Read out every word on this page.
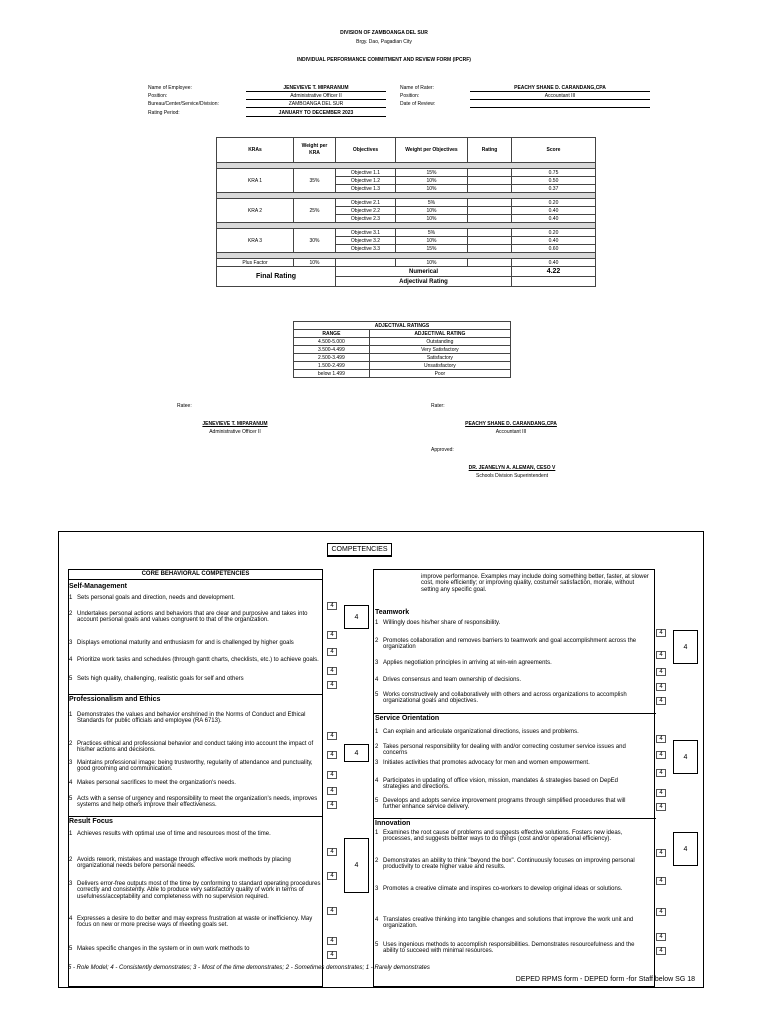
DIVISION OF ZAMBOANGA DEL SUR
Brgy. Dao, Pagadian City
INDIVIDUAL PERFORMANCE COMMITMENT AND REVIEW FORM (IPCRF)
Name of Employee:	JENEVIEVE T. MIPARANUM
Position:	Administrative Officer II
Bureau/Center/Service/Division:	ZAMBOANGA DEL SUR
Rating Period:	JANUARY TO DECEMBER 2023
Name of Rater:	PEACHY SHANE D. CARANDANG,CPA
Position:	Accountant III
Date of Review:
KRAs	Weight per KRA	Objectives	Weight per Objectives	Rating	Score

KRA 1	35%	Objective 1.1	15%		0.75
		Objective 1.2	10%		0.50
		Objective 1.3	10%		0.37

KRA 2	25%	Objective 2.1	5%		0.20
		Objective 2.2	10%		0.40
		Objective 2.3	10%		0.40

KRA 3	30%	Objective 3.1	5%		0.20
		Objective 3.2	10%		0.40
		Objective 3.3	15%		0.60

Plus Factor	10%		10%		0.40
Final Rating		Numerical			4.22
		Adjectival Rating			
ADJECTIVAL RATINGS	
RANGE	ADJECTIVAL RATING
4.500-5.000	Outstanding
3.500-4.499	Very Satisfactory
2.500-3.499	Satisfactory
1.500-2.499	Unsatisfactory
below 1.499	Poor
Ratee:
JENEVIEVE T. MIPARANUM
Administrative Officer II
Rater:
PEACHY SHANE D. CARANDANG,CPA
Accountant III
Approved:
DR. JEANELYN A. ALEMAN, CESO V
Schools Division Superintendent
COMPETENCIES
CORE BEHAVIORAL COMPETENCIES
Self-Management
1 Sets personal goals and direction, needs and development.
4
2 Undertakes personal actions and behaviors that are clear and purposive and takes into account personal goals and values congruent to that of the organization.
4
3 Displays emotional maturity and enthusiasm for and is challenged by higher goals
4
4 Prioritize work tasks and schedules (through gantt charts, checklists, etc.) to achieve goals.
4
5 Sets high quality, challenging, realistic goals for self and others
4
4
Professionalism and Ethics
1 Demonstrates the values and behavior enshrined in the Norms of Conduct and Ethical Standards for public officials and employee (RA 6713).
4
2 Practices ethical and professional behavior and conduct taking into account the impact of his/her actions and decisions.
4
3 Maintains professional image: being trustworthy, regularity of attendance and punctuality, good grooming and communication.
4
4 Makes personal sacrifices to meet the organization's needs.
4
5 Acts with a sense of urgency and responsibility to meet the organization's needs, improves systems and help others improve their effectiveness.	4
4
Result Focus
1 Achieves results with optimal use of time and resources most of the time.
4
2 Avoids rework, mistakes and wastage through effective work methods by placing organizational needs before personal needs.
4
3 Delivers error-free outputs most of the time by conforming to standard operating procedures correctly and consistently. Able to produce very satisfactory quality of work in terms of usefulness/acceptability and completeness with no supervision required.
4
4 Expresses a desire to do better and may express frustration at waste or inefficiency. May focus on new or more precise ways of meeting goals set.
4
5 Makes specific changes in the system or in own work methods to
4
4
improve performance. Examples may include doing something better, faster, at slower cost, more efficiently; or improving quality, costumer satisfaction, morale, without setting any specific goal.
Teamwork
1 Willingly does his/her share of responsibility.
4
2 Promotes collaboration and removes barriers to teamwork and goal accomplishment across the organization
4
3 Applies negotiation principles in arriving at win-win agreements.
4
4 Drives consensus and team ownership of decisions.
4
5 Works constructively and collaboratively with others and across organizations to accomplish organizational goals and objectives.	4
4
Service Orientation
1 Can explain and articulate organizational directions, issues and problems.
4
2 Takes personal responsibility for dealing with and/or correcting costumer service issues and concerns	4
3 Initiates activities that promotes advocacy for men and women empowerment.
4
4 Participates in updating of office vision, mission, mandates & strategies based on DepEd strategies and directions.
4
5 Develops and adopts service improvement programs through simplified procedures that will further enhance service delivery.	4
4
Innovation
1 Examines the root cause of problems and suggests effective solutions. Fosters new ideas, processes, and suggests bettter ways to do things (cost and/or operational efficiency).
4
2 Demonstrates an ability to think "beyond the box". Continuously focuses on improving personal productivity to create higher value and results.
4
3 Promotes a creative climate and inspires co-workers to develop original ideas or solutions.
4
4 Translates creative thinking into tangible changes and solutions that improve the work unit and organization.
4
5 Uses ingenious methods to accomplish responsibilities. Demonstrates resourcefulness and the ability to succeed with minimal resources.	4
4
5 - Role Model; 4 - Consistently demonstrates; 3 - Most of the time demonstrates; 2 - Sometimes demonstrates; 1 - Rarely demonstrates
DEPED RPMS form - DEPED form -for Staff below SG 18
